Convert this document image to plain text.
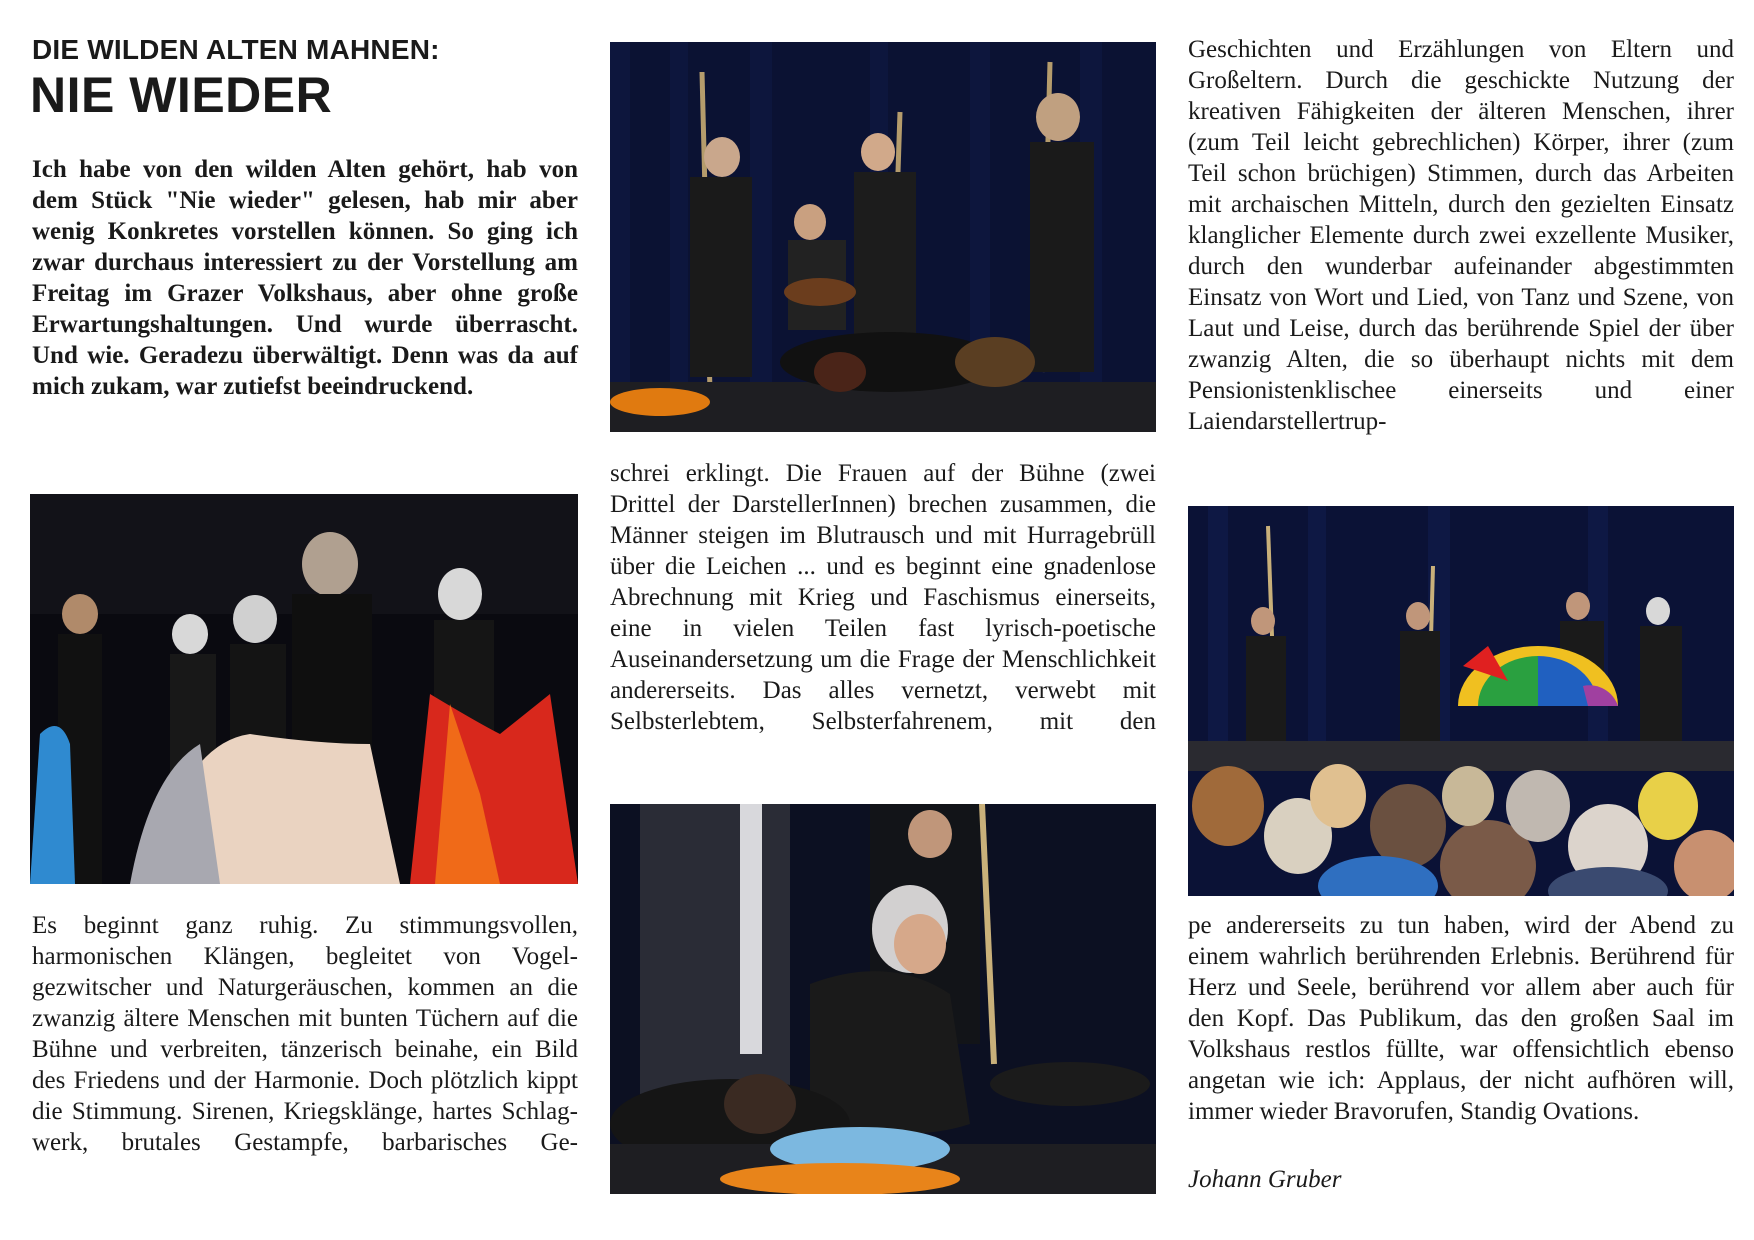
DIE WILDEN ALTEN MAHNEN:
NIE WIEDER

Ich habe von den wilden Alten gehört, hab von dem Stück "Nie wieder" gelesen, hab mir aber wenig Konkretes vorstellen können. So ging ich zwar durchaus interessiert zu der Vorstellung am Freitag im Grazer Volkshaus, aber ohne große Erwartungshaltungen. Und wurde überrascht. Und wie. Geradezu überwältigt. Denn was da auf mich zukam, war zutiefst beeindruckend.

Es beginnt ganz ruhig. Zu stimmungsvollen, harmonischen Klängen, begleitet von Vogelgezwitscher und Naturgeräuschen, kommen an die zwanzig ältere Menschen mit bunten Tüchern auf die Bühne und verbreiten, tänzerisch beinahe, ein Bild des Friedens und der Harmonie. Doch plötzlich kippt die Stimmung. Sirenen, Kriegsklänge, hartes Schlagwerk, brutales Gestampfe, barbarisches Ge-

schrei erklingt. Die Frauen auf der Bühne (zwei Drittel der DarstellerInnen) brechen zusammen, die Männer steigen im Blutrausch und mit Hurragebrüll über die Leichen ... und es beginnt eine gnadenlose Abrechnung mit Krieg und Faschismus einerseits, eine in vielen Teilen fast lyrisch-poetische Auseinandersetzung um die Frage der Menschlichkeit andererseits. Das alles vernetzt, verwebt mit Selbsterlebtem, Selbsterfahrenem, mit den

Geschichten und Erzählungen von Eltern und Großeltern. Durch die geschickte Nutzung der kreativen Fähigkeiten der älteren Menschen, ihrer (zum Teil leicht gebrechlichen) Körper, ihrer (zum Teil schon brüchigen) Stimmen, durch das Arbeiten mit archaischen Mitteln, durch den gezielten Einsatz klanglicher Elemente durch zwei exzellente Musiker, durch den wunderbar aufeinander abgestimmten Einsatz von Wort und Lied, von Tanz und Szene, von Laut und Leise, durch das berührende Spiel der über zwanzig Alten, die so überhaupt nichts mit dem Pensionistenklischee einerseits und einer Laiendarstellertrup-

pe andererseits zu tun haben, wird der Abend zu einem wahrlich berührenden Erlebnis. Berührend für Herz und Seele, berührend vor allem aber auch für den Kopf. Das Publikum, das den großen Saal im Volkshaus restlos füllte, war offensichtlich ebenso angetan wie ich: Applaus, der nicht aufhören will, immer wieder Bravorufen, Standig Ovations.

Johann Gruber
